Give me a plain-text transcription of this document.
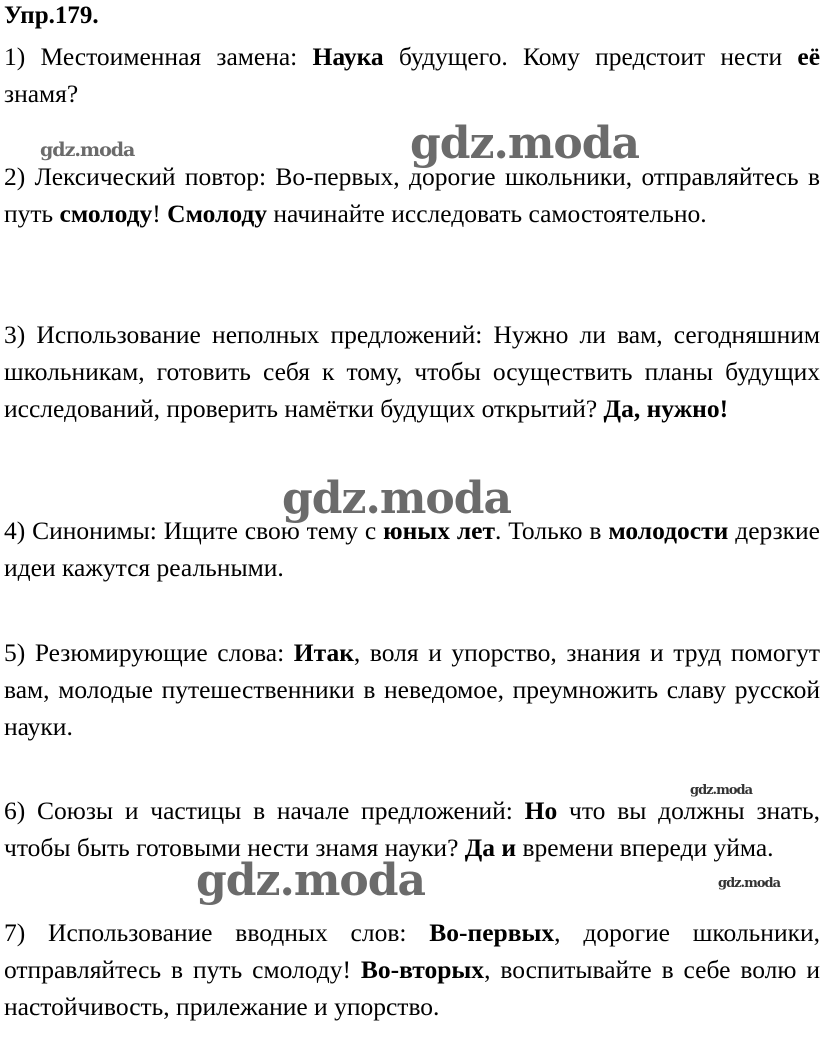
Упр.179.
gdz.moda	gdz.moda
gdz.moda
gdz.moda
gdz.moda	gdz.moda
1) Местоименная замена: Наука будущего. Кому предстоит нести её знамя?
2) Лексический повтор: Во-первых, дорогие школьники, отправляйтесь в путь смолоду! Смолоду начинайте исследовать самостоятельно.
3) Использование неполных предложений: Нужно ли вам, сегодняшним школьникам, готовить себя к тому, чтобы осуществить планы будущих исследований, проверить намётки будущих открытий? Да, нужно!
4) Синонимы: Ищите свою тему с юных лет. Только в молодости дерзкие идеи кажутся реальными.
5) Резюмирующие слова: Итак, воля и упорство, знания и труд помогут вам, молодые путешественники в неведомое, преумножить славу русской науки.
6) Союзы и частицы в начале предложений: Но что вы должны знать, чтобы быть готовыми нести знамя науки? Да и времени впереди уйма.
7) Использование вводных слов: Во-первых, дорогие школьники, отправляйтесь в путь смолоду! Во-вторых, воспитывайте в себе волю и настойчивость, прилежание и упорство.
